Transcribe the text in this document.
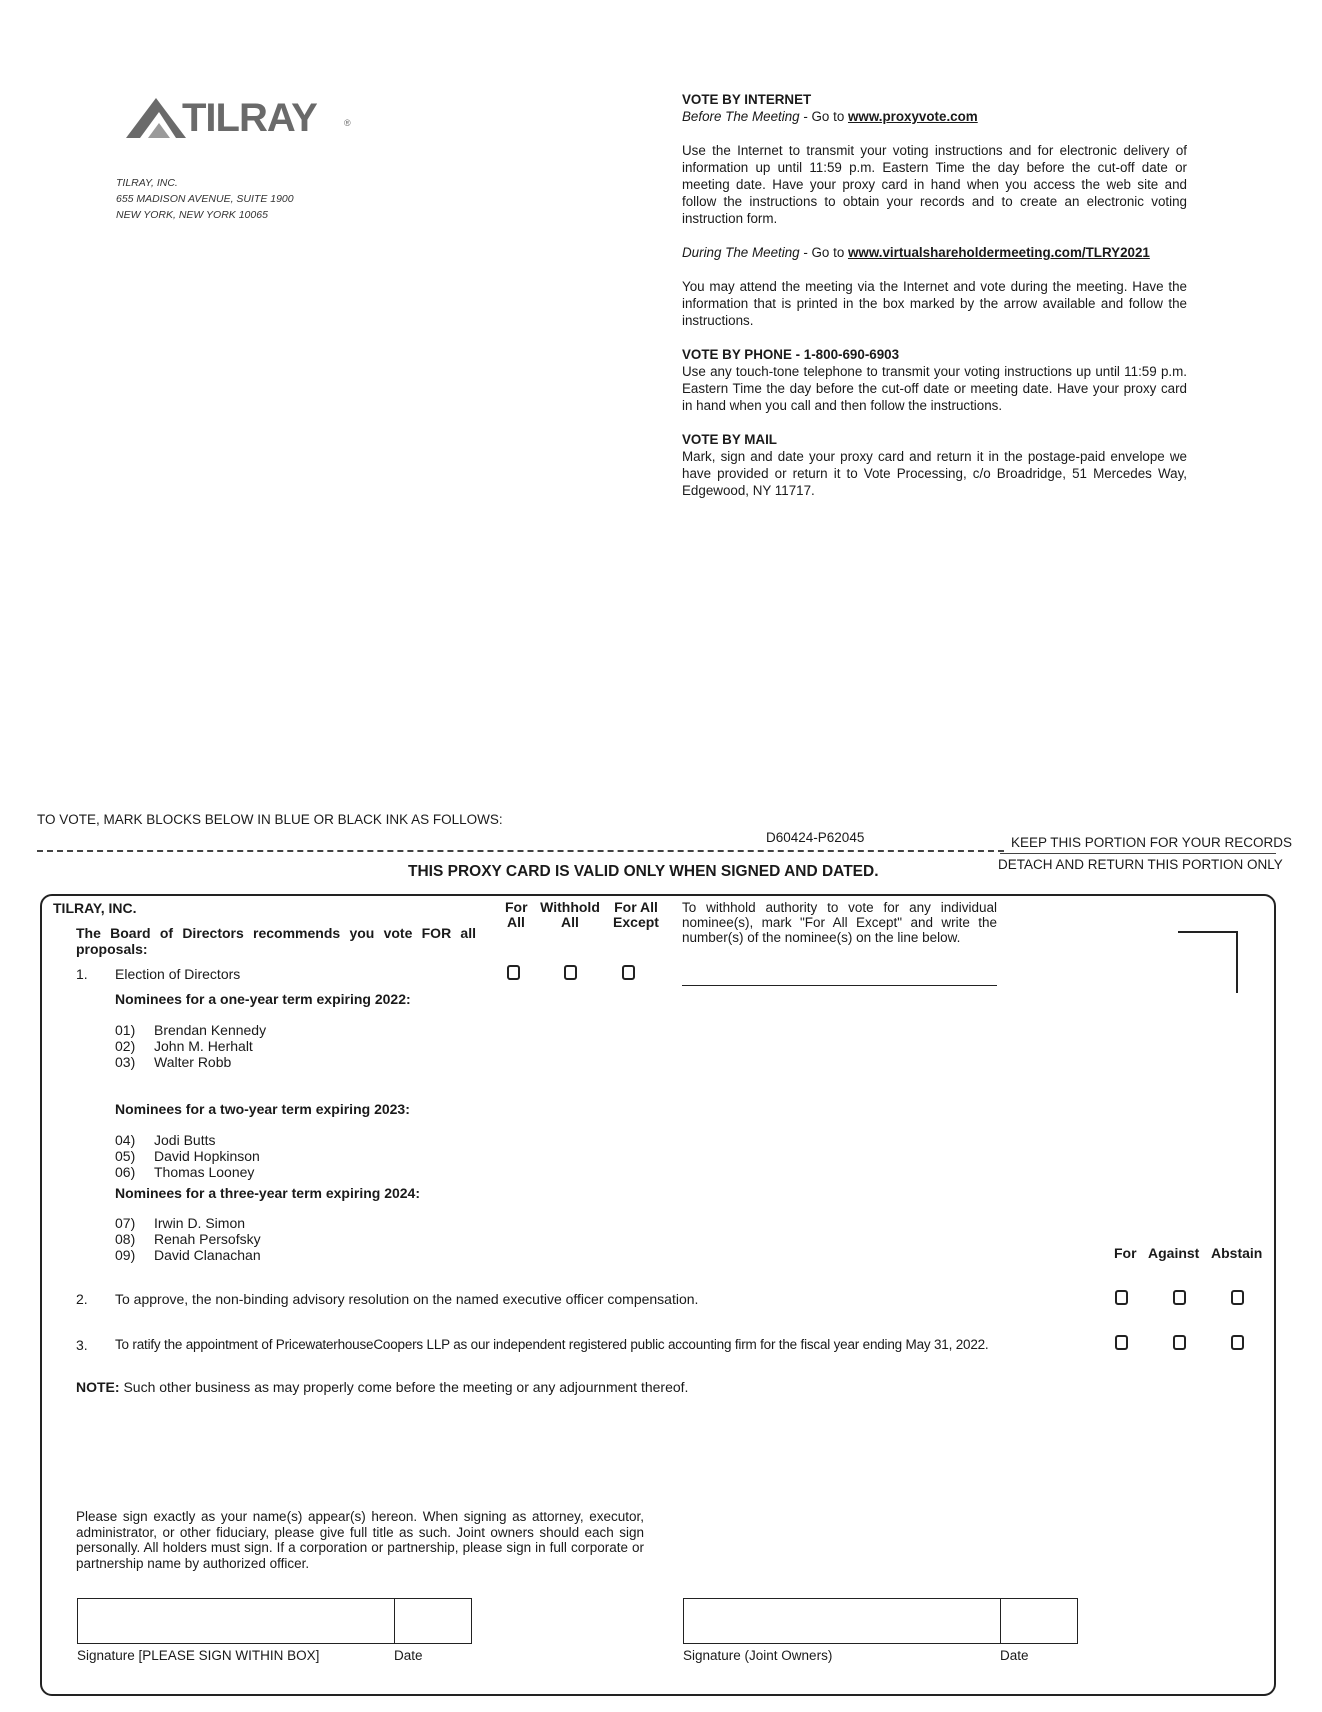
TILRAY	®
TILRAY, INC.
655 MADISON AVENUE, SUITE 1900
NEW YORK, NEW YORK 10065
VOTE BY INTERNET
Before The Meeting - Go to www.proxyvote.com
Use the Internet to transmit your voting instructions and for electronic delivery of information up until 11:59 p.m. Eastern Time the day before the cut-off date or meeting date. Have your proxy card in hand when you access the web site and follow the instructions to obtain your records and to create an electronic voting instruction form.
During The Meeting - Go to www.virtualshareholdermeeting.com/TLRY2021
You may attend the meeting via the Internet and vote during the meeting. Have the information that is printed in the box marked by the arrow available and follow the instructions.
VOTE BY PHONE - 1-800-690-6903
Use any touch-tone telephone to transmit your voting instructions up until 11:59 p.m. Eastern Time the day before the cut-off date or meeting date. Have your proxy card in hand when you call and then follow the instructions.
VOTE BY MAIL
Mark, sign and date your proxy card and return it in the postage-paid envelope we have provided or return it to Vote Processing, c/o Broadridge, 51 Mercedes Way, Edgewood, NY 11717.
TO VOTE, MARK BLOCKS BELOW IN BLUE OR BLACK INK AS FOLLOWS:
D60424-P62045	KEEP THIS PORTION FOR YOUR RECORDS
DETACH AND RETURN THIS PORTION ONLY
THIS PROXY CARD IS VALID ONLY WHEN SIGNED AND DATED.
TILRAY, INC.
The Board of Directors recommends you vote FOR all proposals:
For
All
Withhold
All
For All
Except
To withhold authority to vote for any individual nominee(s), mark "For All Except" and write the number(s) of the nominee(s) on the line below.
1. Election of Directors
Nominees for a one-year term expiring 2022:
01) Brendan Kennedy
02) John M. Herhalt
03) Walter Robb
Nominees for a two-year term expiring 2023:
04) Jodi Butts
05) David Hopkinson
06) Thomas Looney
Nominees for a three-year term expiring 2024:
07) Irwin D. Simon
08) Renah Persofsky
09) David Clanachan	For Against Abstain
2. To approve, the non-binding advisory resolution on the named executive officer compensation.
3. To ratify the appointment of PricewaterhouseCoopers LLP as our independent registered public accounting firm for the fiscal year ending May 31, 2022.
NOTE: Such other business as may properly come before the meeting or any adjournment thereof.
Please sign exactly as your name(s) appear(s) hereon. When signing as attorney, executor, administrator, or other fiduciary, please give full title as such. Joint owners should each sign personally. All holders must sign. If a corporation or partnership, please sign in full corporate or partnership name by authorized officer.
Signature [PLEASE SIGN WITHIN BOX]	Date	Signature (Joint Owners)	Date
